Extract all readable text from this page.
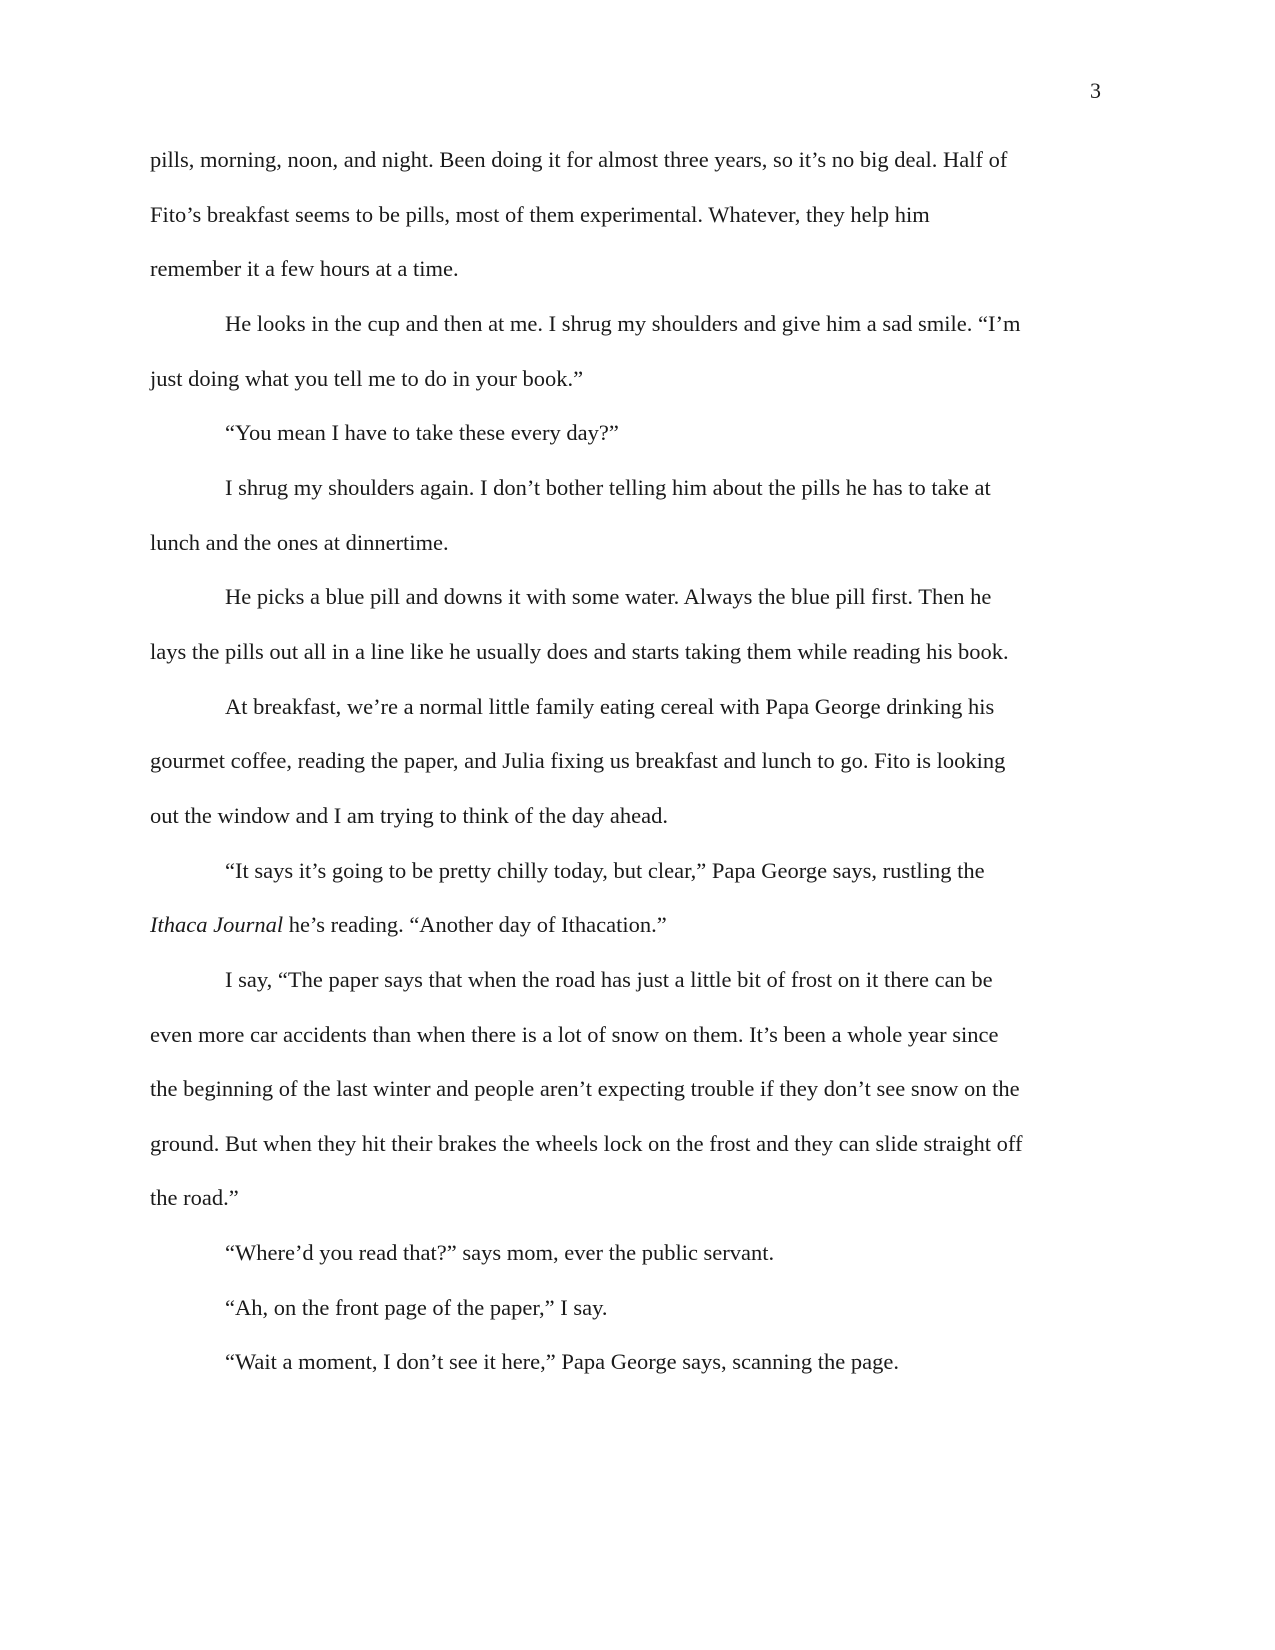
3
pills, morning, noon, and night. Been doing it for almost three years, so it’s no big deal. Half of
Fito’s breakfast seems to be pills, most of them experimental. Whatever, they help him
remember it a few hours at a time.
He looks in the cup and then at me. I shrug my shoulders and give him a sad smile. “I’m
just doing what you tell me to do in your book.”
“You mean I have to take these every day?”
I shrug my shoulders again. I don’t bother telling him about the pills he has to take at
lunch and the ones at dinnertime.
He picks a blue pill and downs it with some water. Always the blue pill first. Then he
lays the pills out all in a line like he usually does and starts taking them while reading his book.
At breakfast, we’re a normal little family eating cereal with Papa George drinking his
gourmet coffee, reading the paper, and Julia fixing us breakfast and lunch to go. Fito is looking
out the window and I am trying to think of the day ahead.
“It says it’s going to be pretty chilly today, but clear,” Papa George says, rustling the
Ithaca Journal he’s reading. “Another day of Ithacation.”
I say, “The paper says that when the road has just a little bit of frost on it there can be
even more car accidents than when there is a lot of snow on them. It’s been a whole year since
the beginning of the last winter and people aren’t expecting trouble if they don’t see snow on the
ground. But when they hit their brakes the wheels lock on the frost and they can slide straight off
the road.”
“Where’d you read that?” says mom, ever the public servant.
“Ah, on the front page of the paper,” I say.
“Wait a moment, I don’t see it here,” Papa George says, scanning the page.
